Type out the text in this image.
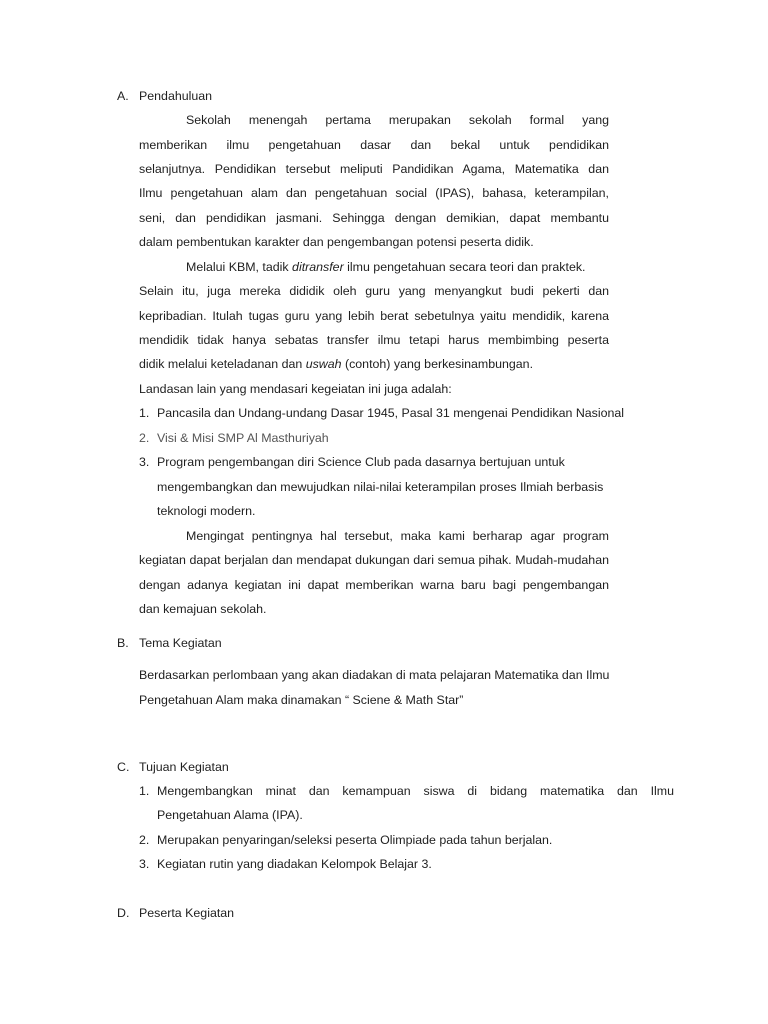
A. Pendahuluan
Sekolah menengah pertama merupakan sekolah formal yang
memberikan ilmu pengetahuan dasar dan bekal untuk pendidikan
selanjutnya. Pendidikan tersebut meliputi Pandidikan Agama, Matematika dan
Ilmu pengetahuan alam dan pengetahuan social (IPAS), bahasa, keterampilan,
seni, dan pendidikan jasmani. Sehingga dengan demikian, dapat membantu
dalam pembentukan karakter dan pengembangan potensi peserta didik.
Melalui KBM, tadik ditransfer ilmu pengetahuan secara teori dan praktek.
Selain itu, juga mereka dididik oleh guru yang menyangkut budi pekerti dan
kepribadian. Itulah tugas guru yang lebih berat sebetulnya yaitu mendidik, karena
mendidik tidak hanya sebatas transfer ilmu tetapi harus membimbing peserta
didik melalui keteladanan dan uswah (contoh) yang berkesinambungan.
Landasan lain yang mendasari kegeiatan ini juga adalah:
1. Pancasila dan Undang-undang Dasar 1945, Pasal 31 mengenai Pendidikan Nasional
2. Visi & Misi SMP Al Masthuriyah
3. Program pengembangan diri Science Club pada dasarnya bertujuan untuk
mengembangkan dan mewujudkan nilai-nilai keterampilan proses Ilmiah berbasis
teknologi modern.
Mengingat pentingnya hal tersebut, maka kami berharap agar program
kegiatan dapat berjalan dan mendapat dukungan dari semua pihak. Mudah-mudahan
dengan adanya kegiatan ini dapat memberikan warna baru bagi pengembangan
dan kemajuan sekolah.
B. Tema Kegiatan
Berdasarkan perlombaan yang akan diadakan di mata pelajaran Matematika dan Ilmu
Pengetahuan Alam maka dinamakan “ Sciene & Math Star”
C. Tujuan Kegiatan
1. Mengembangkan minat dan kemampuan siswa di bidang matematika dan Ilmu
Pengetahuan Alama (IPA).
2. Merupakan penyaringan/seleksi peserta Olimpiade pada tahun berjalan.
3. Kegiatan rutin yang diadakan Kelompok Belajar 3.
D. Peserta Kegiatan
